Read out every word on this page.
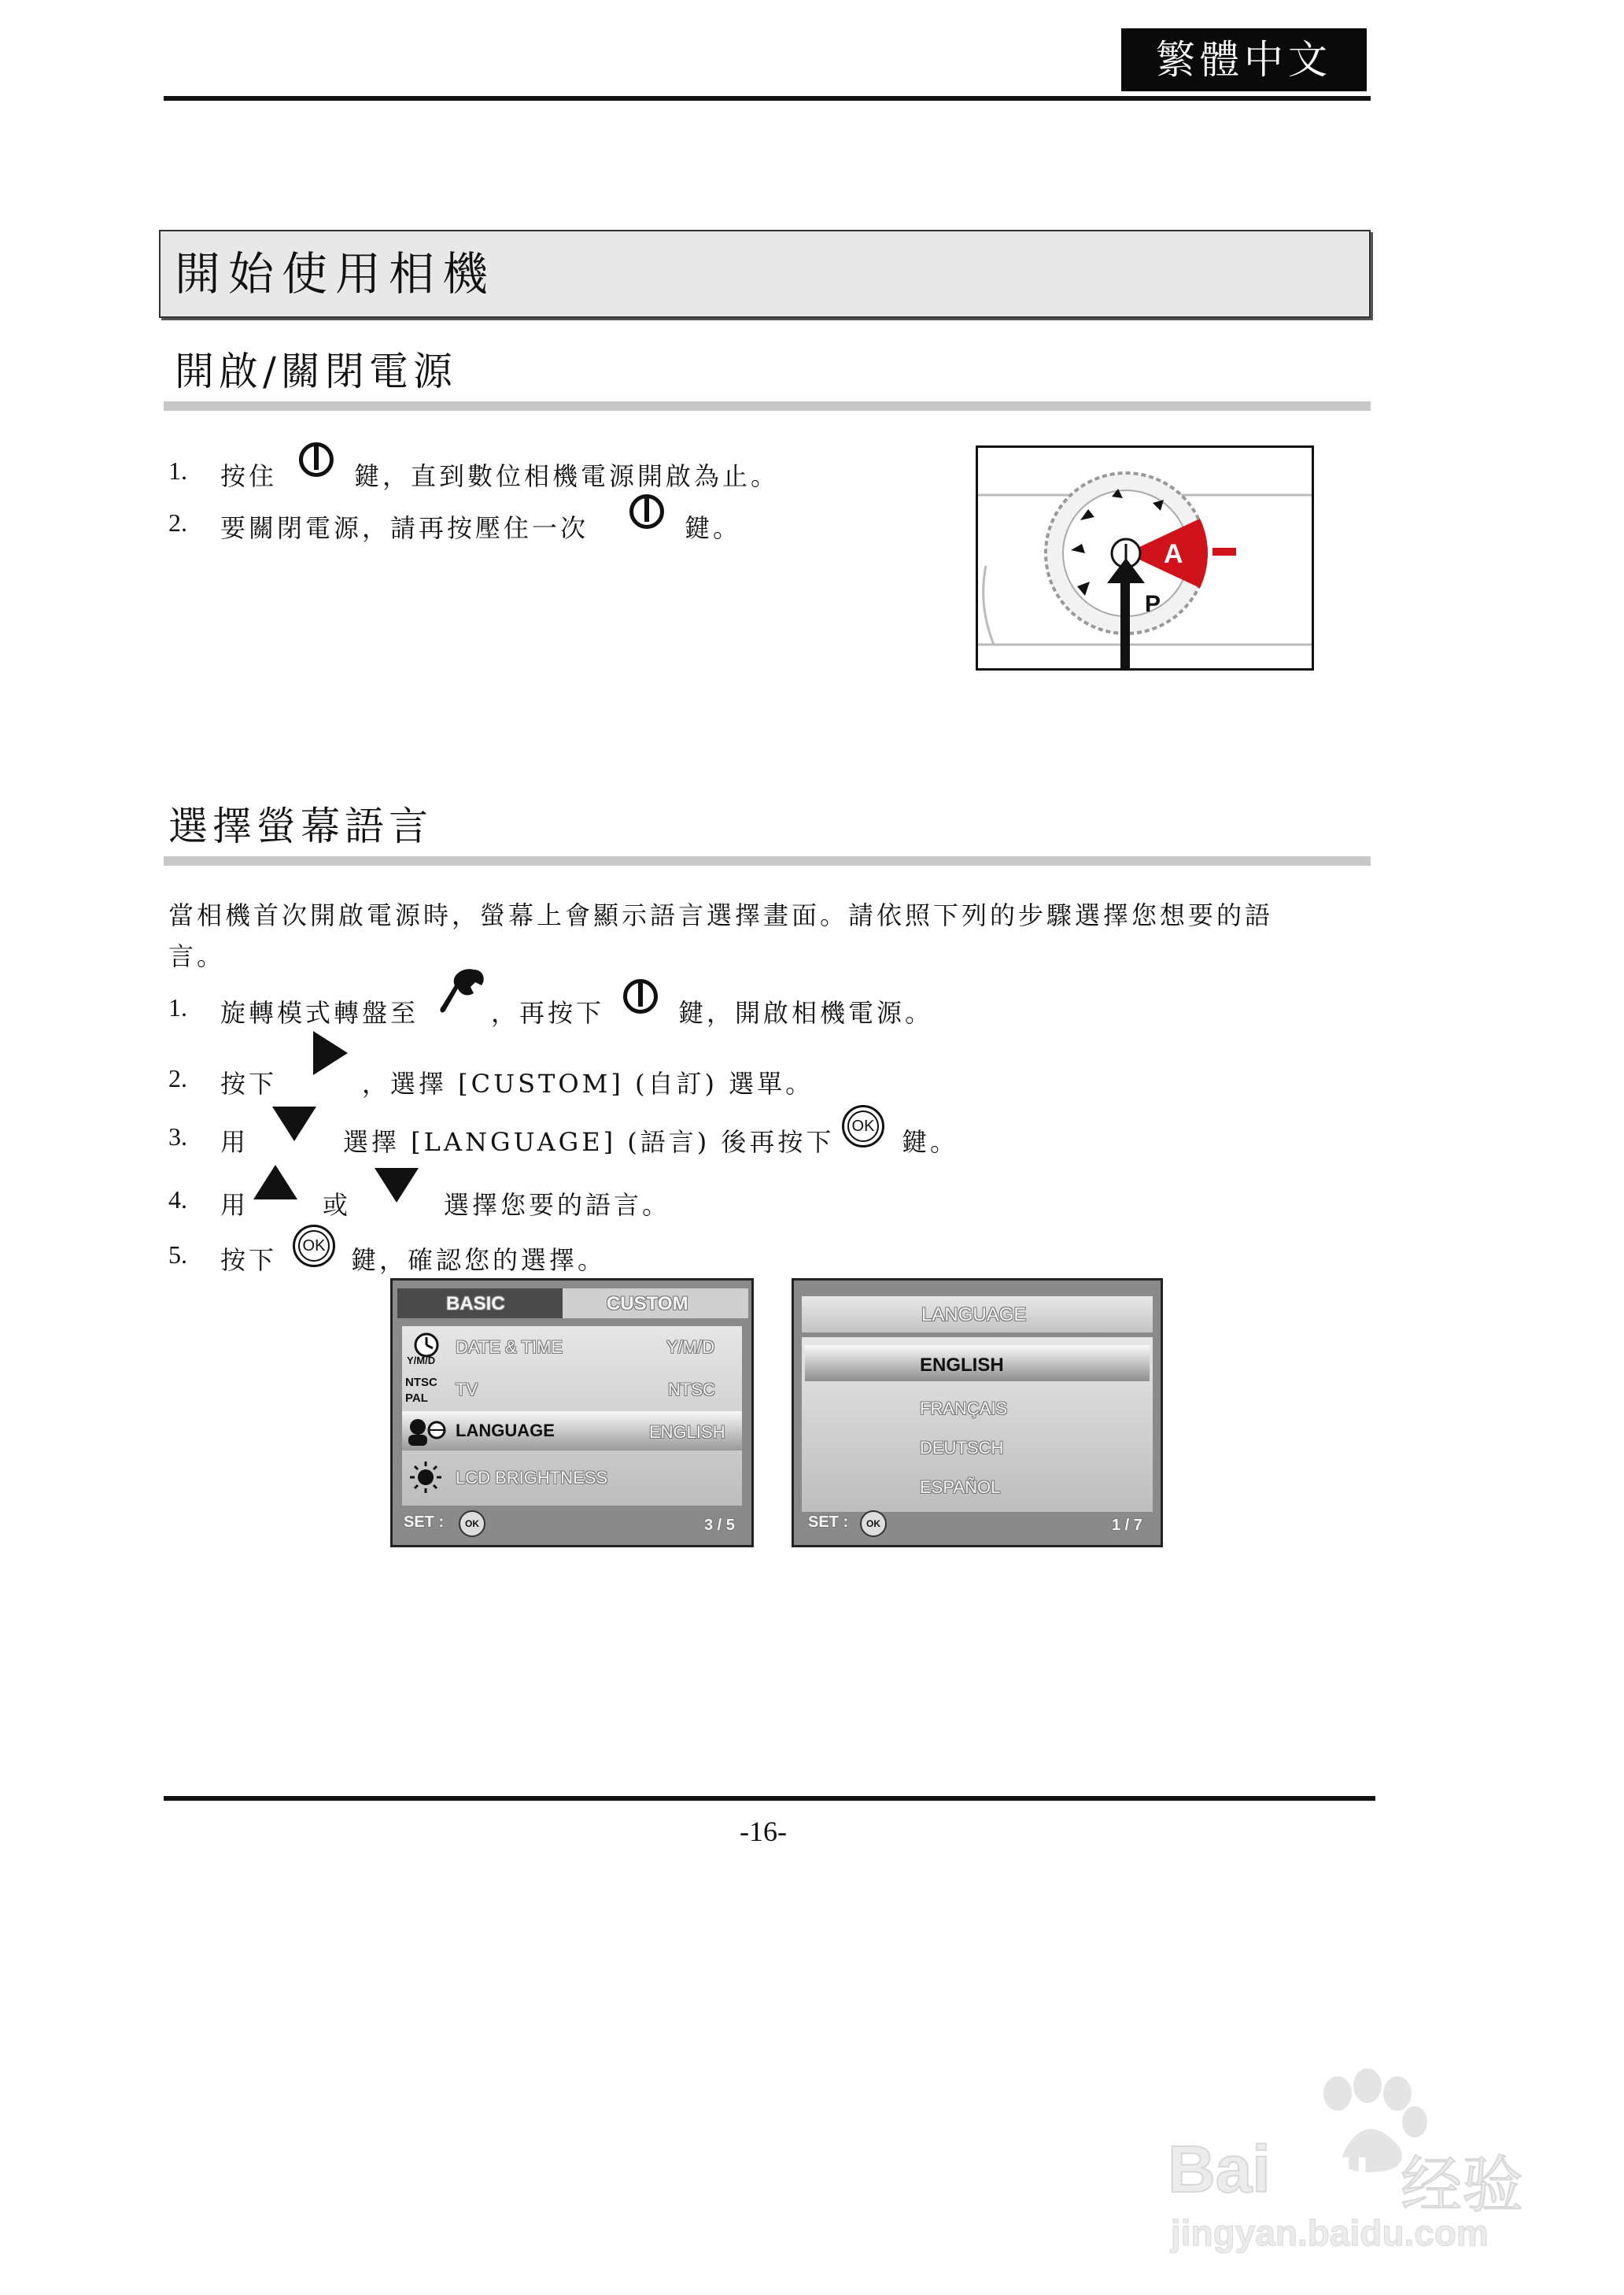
繁體中文
開始使用相機
開啟/關閉電源
1. 按住	鍵，直到數位相機電源開啟為止。
2. 要關閉電源，請再按壓住一次	鍵。
A
P
選擇螢幕語言
當相機首次開啟電源時，螢幕上會顯示語言選擇畫面。請依照下列的步驟選擇您想要的語
言。
1. 旋轉模式轉盤至	，再按下	鍵，開啟相機電源。
2. 按下	，選擇 [CUSTOM] (自訂) 選單。
3. 用	選擇 [LANGUAGE] (語言) 後再按下
OK
鍵。
4. 用	或	選擇您要的語言。
5. 按下	OK	鍵，確認您的選擇。
BASIC	CUSTOM
Y/M/D
DATE & TIME	Y/M/D
NTSC PAL	TV	NTSC
LANGUAGE	ENGLISH
LCD BRIGHTNESS
SET :	OK	3 / 5
LANGUAGE
ENGLISH
FRANÇAIS
DEUTSCH
ESPAÑOL
SET :	OK	1 / 7
-16-
Bai du 经验
jingyan.baidu.com
